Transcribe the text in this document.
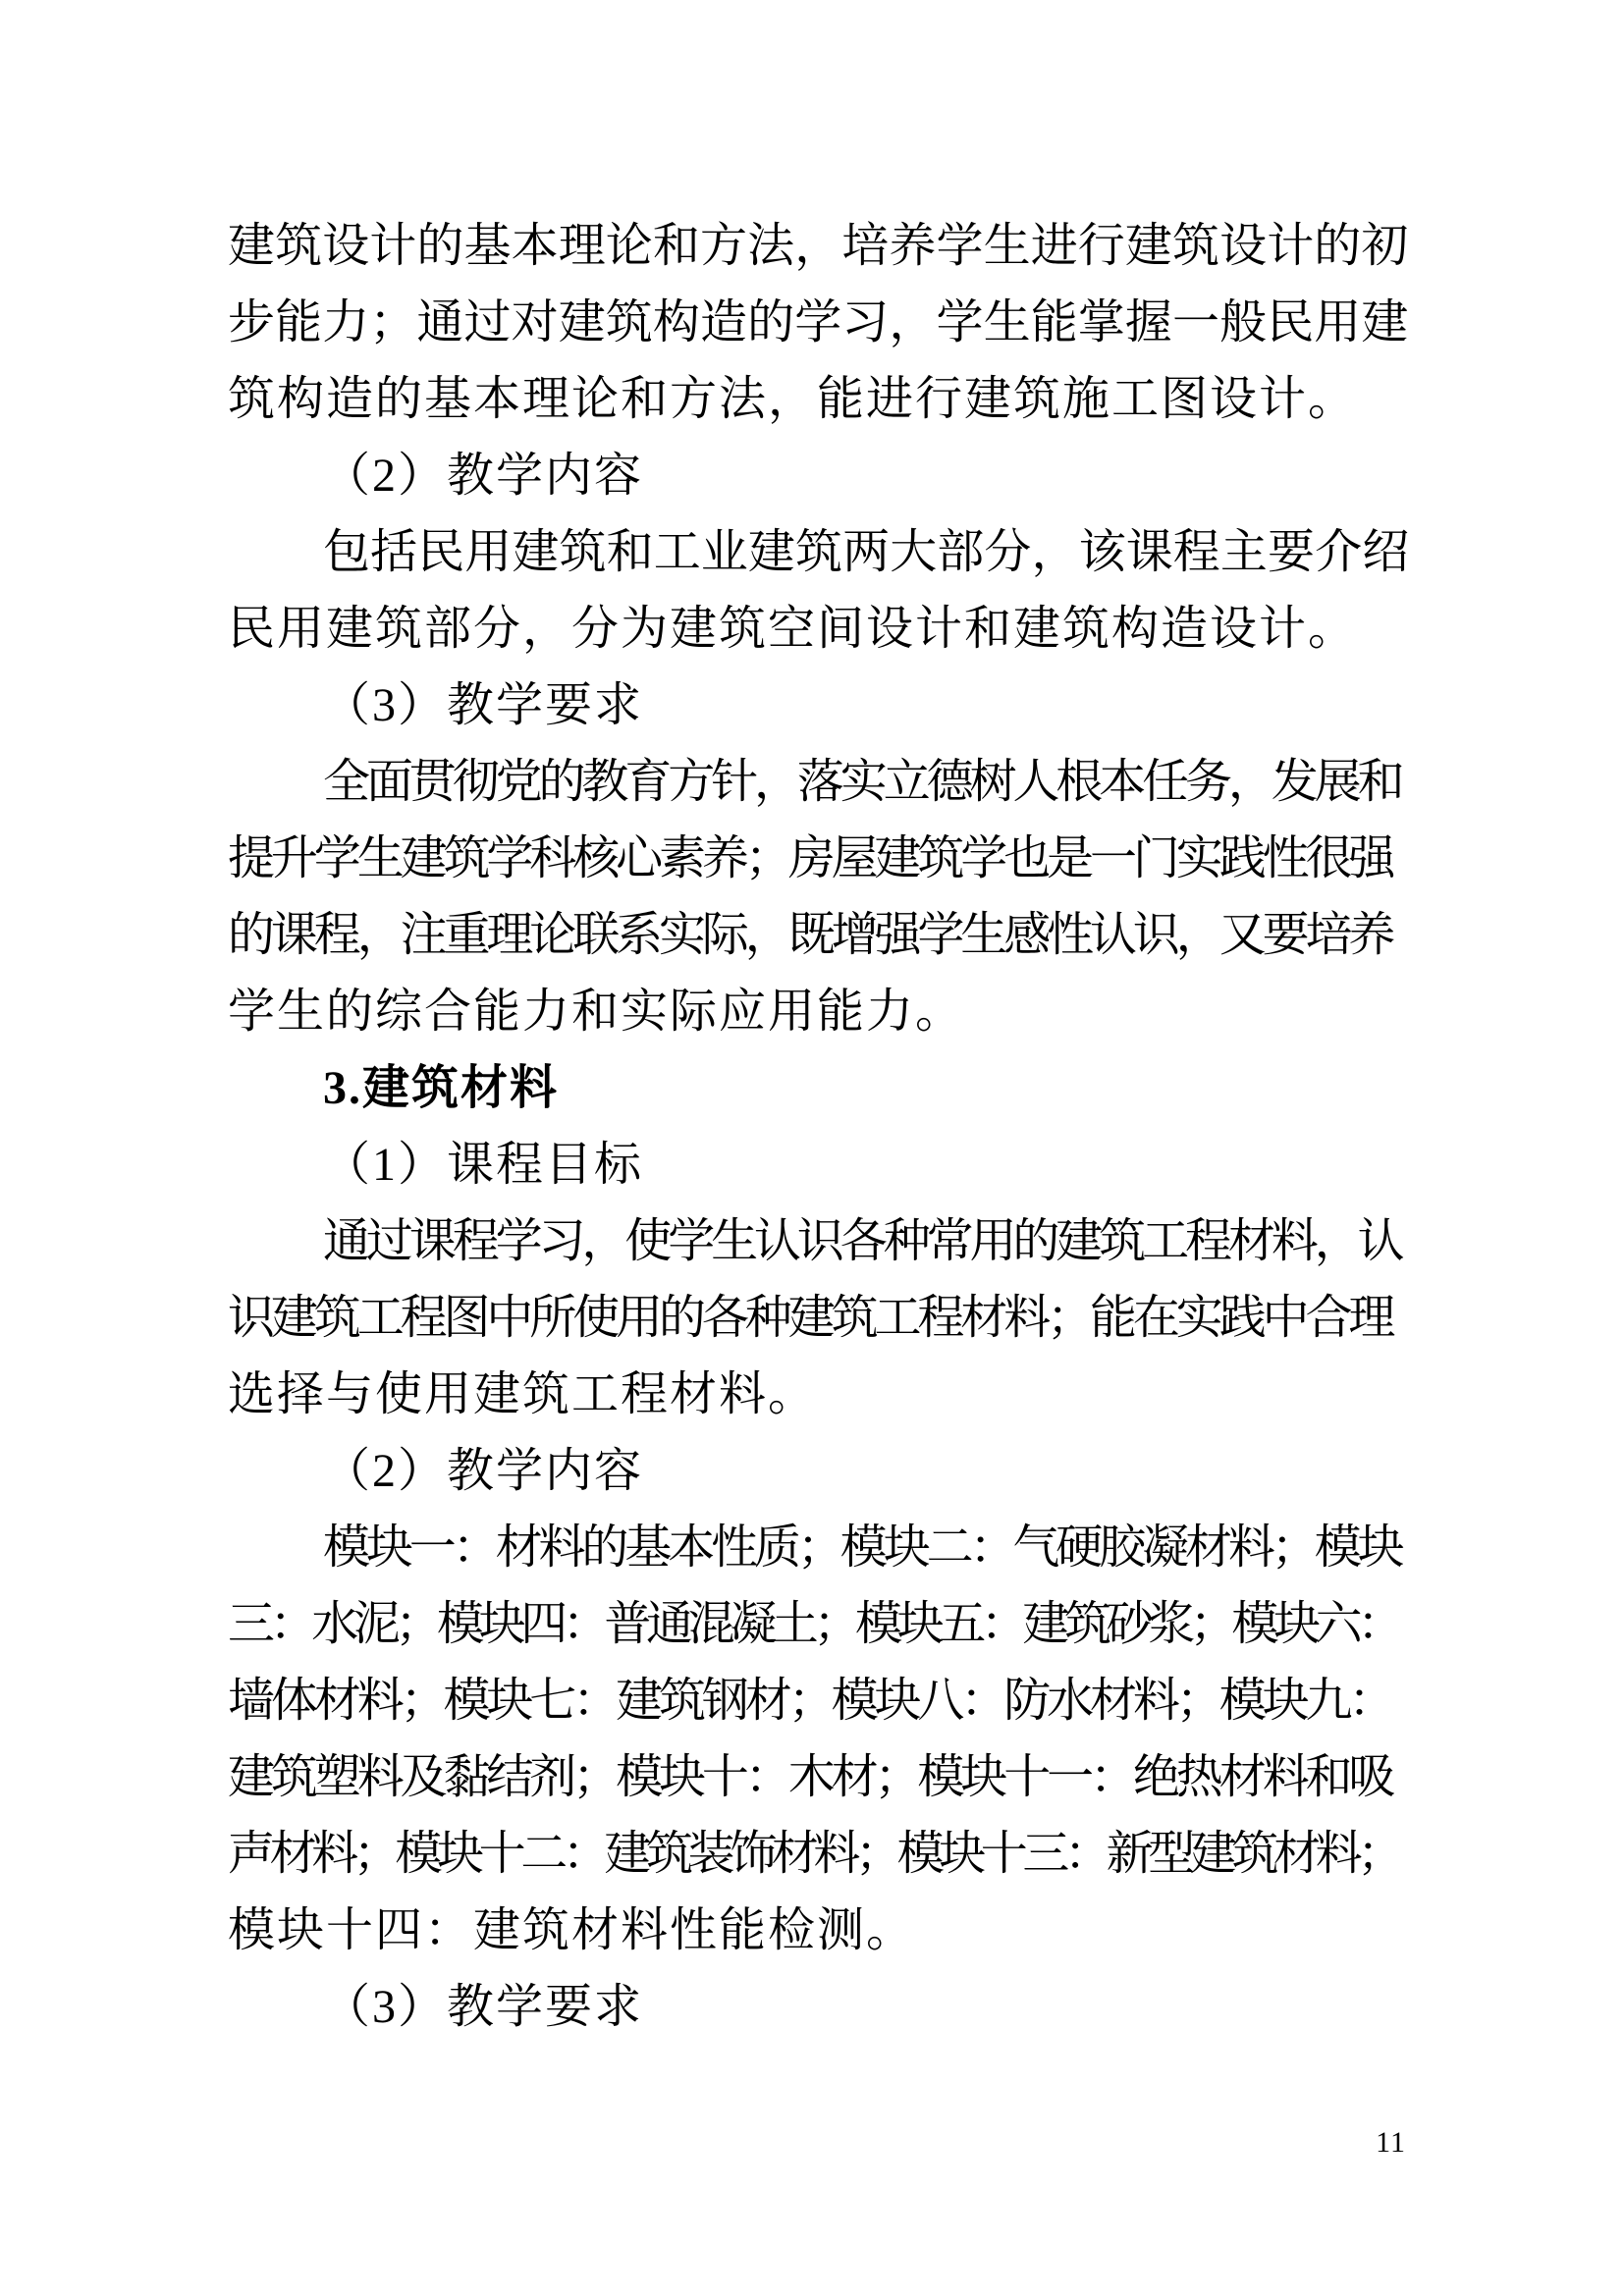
建筑设计的基本理论和方法，培养学生进行建筑设计的初
步能力；通过对建筑构造的学习，学生能掌握一般民用建
筑构造的基本理论和方法，能进行建筑施工图设计。
（2）教学内容
包括民用建筑和工业建筑两大部分，该课程主要介绍
民用建筑部分，分为建筑空间设计和建筑构造设计。
（3）教学要求
全面贯彻党的教育方针，落实立德树人根本任务，发展和
提升学生建筑学科核心素养；房屋建筑学也是一门实践性很强
的课程，注重理论联系实际，既增强学生感性认识，又要培养
学生的综合能力和实际应用能力。
3.建筑材料
（1）课程目标
通过课程学习，使学生认识各种常用的建筑工程材料，认
识建筑工程图中所使用的各种建筑工程材料；能在实践中合理
选择与使用建筑工程材料。
（2）教学内容
模块一：材料的基本性质；模块二：气硬胶凝材料；模块
三：水泥；模块四：普通混凝土；模块五：建筑砂浆；模块六：
墙体材料；模块七：建筑钢材；模块八：防水材料；模块九：
建筑塑料及黏结剂；模块十：木材；模块十一：绝热材料和吸
声材料；模块十二：建筑装饰材料；模块十三：新型建筑材料；
模块十四：建筑材料性能检测。
（3）教学要求
11
